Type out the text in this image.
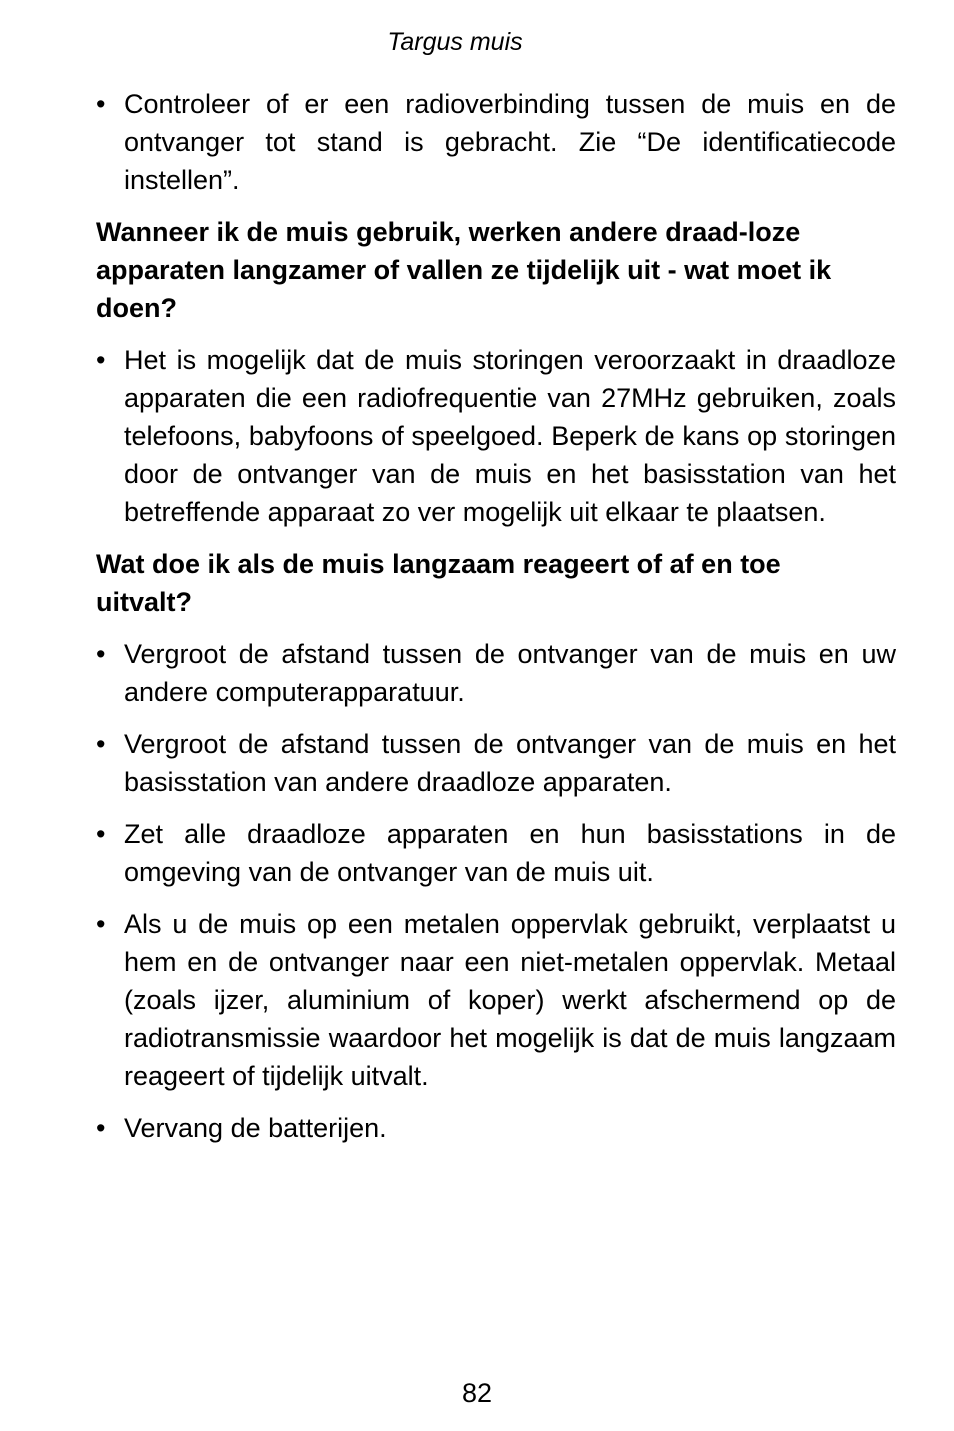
Targus muis
• Controleer of er een radioverbinding tussen de muis en de ontvanger tot stand is gebracht. Zie “De identificatiecode instellen”.
Wanneer ik de muis gebruik, werken andere draad-loze apparaten langzamer of vallen ze tijdelijk uit - wat moet ik doen?
• Het is mogelijk dat de muis storingen veroorzaakt in draadloze apparaten die een radiofrequentie van 27MHz gebruiken, zoals telefoons, babyfoons of speelgoed. Beperk de kans op storingen door de ontvanger van de muis en het basisstation van het betreffende apparaat zo ver mogelijk uit elkaar te plaatsen.
Wat doe ik als de muis langzaam reageert of af en toe uitvalt?
• Vergroot de afstand tussen de ontvanger van de muis en uw andere computerapparatuur.
• Vergroot de afstand tussen de ontvanger van de muis en het basisstation van andere draadloze apparaten.
• Zet alle draadloze apparaten en hun basisstations in de omgeving van de ontvanger van de muis uit.
• Als u de muis op een metalen oppervlak gebruikt, verplaatst u hem en de ontvanger naar een niet-metalen oppervlak. Metaal (zoals ijzer, aluminium of koper) werkt afschermend op de radiotransmissie waardoor het mogelijk is dat de muis langzaam reageert of tijdelijk uitvalt.
• Vervang de batterijen.
82
